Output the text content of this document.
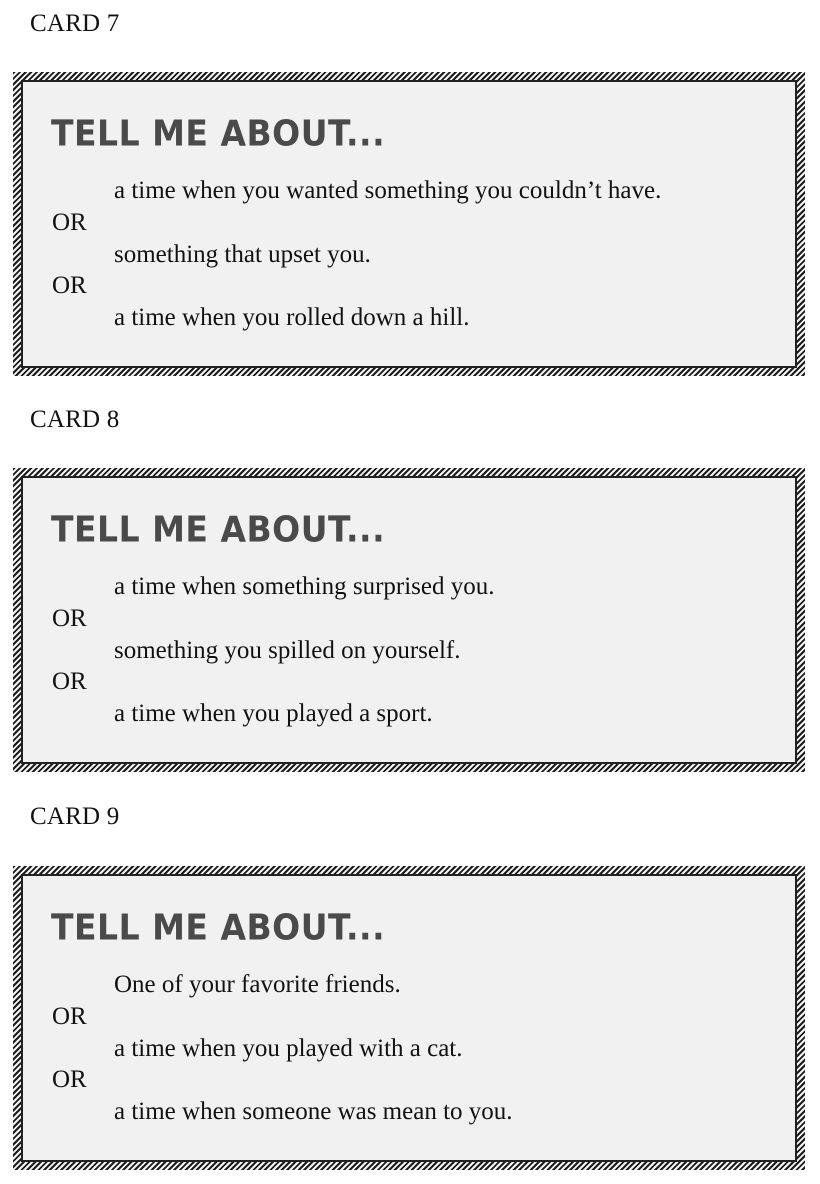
CARD 7
TELL ME ABOUT...
a time when you wanted something you couldn’t have.
OR
something that upset you.
OR
a time when you rolled down a hill.
CARD 8
TELL ME ABOUT...
a time when something surprised you.
OR
something you spilled on yourself.
OR
a time when you played a sport.
CARD 9
TELL ME ABOUT...
One of your favorite friends.
OR
a time when you played with a cat.
OR
a time when someone was mean to you.
